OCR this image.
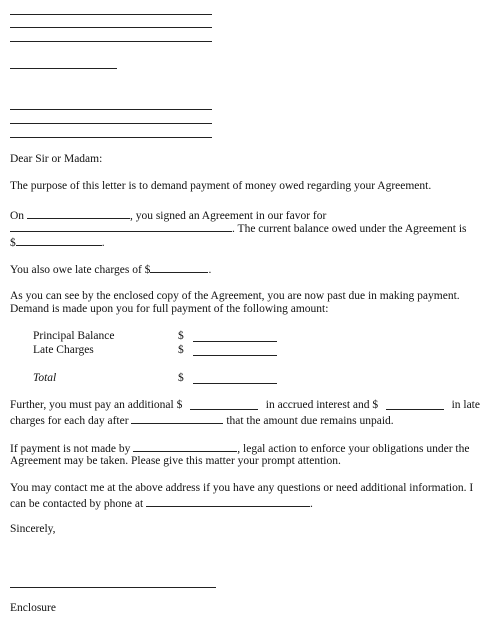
Dear Sir or Madam:
The purpose of this letter is to demand payment of money owed regarding your Agreement.
On	, you signed an Agreement in our favor for
. The current balance owed under the Agreement is
$	.
You also owe late charges of $	.
As you can see by the enclosed copy of the Agreement, you are now past due in making payment.
Demand is made upon you for full payment of the following amount:
Principal Balance	$
Late Charges	$
Total	$
Further, you must pay an additional $	in accrued interest and $	in late
charges for each day after	that the amount due remains unpaid.
If payment is not made by	, legal action to enforce your obligations under the
Agreement may be taken. Please give this matter your prompt attention.
You may contact me at the above address if you have any questions or need additional information. I
can be contacted by phone at	.
Sincerely,
Enclosure
